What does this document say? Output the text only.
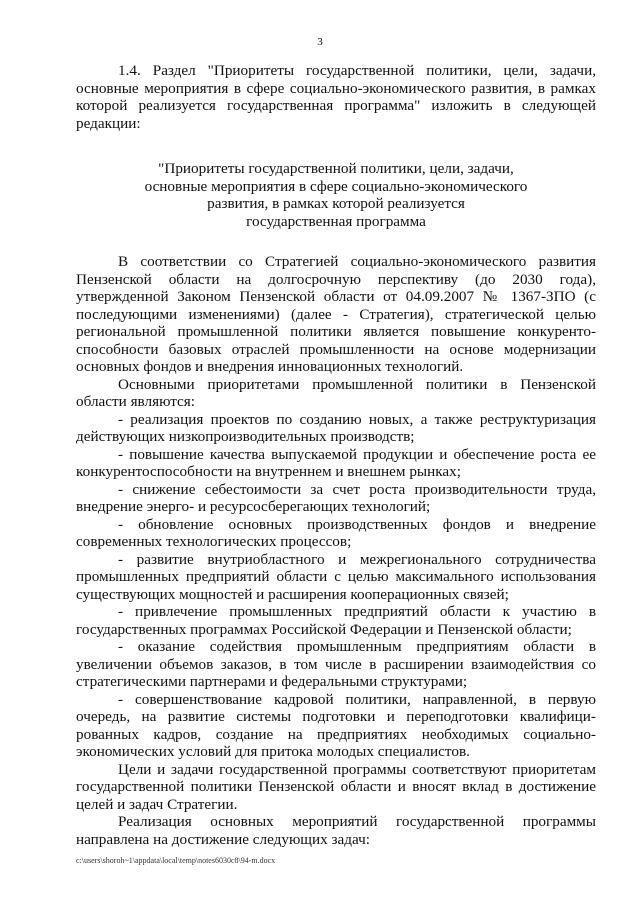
3

1.4. Раздел "Приоритеты государственной политики, цели, задачи, основные мероприятия в сфере социально-экономического развития, в рамках которой реализуется государственная программа" изложить в следующей редакции:

"Приоритеты государственной политики, цели, задачи,
основные мероприятия в сфере социально-экономического
развития, в рамках которой реализуется
государственная программа

В соответствии со Стратегией социально-экономического развития Пензенской области на долгосрочную перспективу (до 2030 года), утвержденной Законом Пензенской области от 04.09.2007 № 1367-ЗПО (с последующими изменениями) (далее - Стратегия), стратегической целью региональной промышленной политики является повышение конкуренто-способности базовых отраслей промышленности на основе модернизации основных фондов и внедрения инновационных технологий.

Основными приоритетами промышленной политики в Пензенской области являются:

- реализация проектов по созданию новых, а также реструктуризация действующих низкопроизводительных производств;

- повышение качества выпускаемой продукции и обеспечение роста ее конкурентоспособности на внутреннем и внешнем рынках;

- снижение себестоимости за счет роста производительности труда, внедрение энерго- и ресурсосберегающих технологий;

- обновление основных производственных фондов и внедрение современных технологических процессов;

- развитие внутриобластного и межрегионального сотрудничества промышленных предприятий области с целью максимального использования существующих мощностей и расширения кооперационных связей;

- привлечение промышленных предприятий области к участию в государственных программах Российской Федерации и Пензенской области;

- оказание содействия промышленным предприятиям области в увеличении объемов заказов, в том числе в расширении взаимодействия со стратегическими партнерами и федеральными структурами;

- совершенствование кадровой политики, направленной, в первую очередь, на развитие системы подготовки и переподготовки квалифици-рованных кадров, создание на предприятиях необходимых социально-экономических условий для притока молодых специалистов.

Цели и задачи государственной программы соответствуют приоритетам государственной политики Пензенской области и вносят вклад в достижение целей и задач Стратегии.

Реализация основных мероприятий государственной программы направлена на достижение следующих задач:

c:\users\shoroh~1\appdata\local\temp\notes6030c8\94-m.docx
